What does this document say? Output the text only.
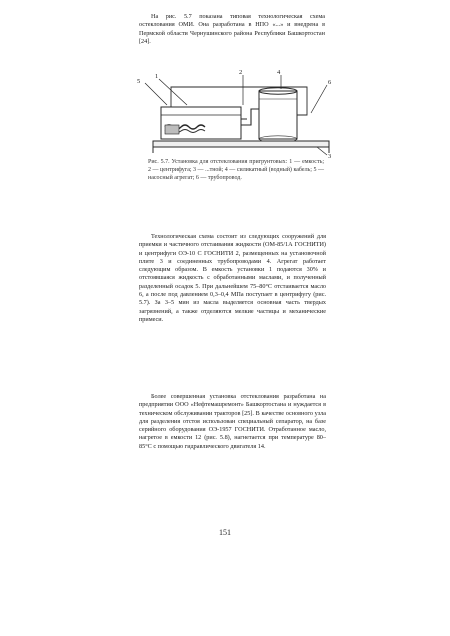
На рис. 5.7 показана типовая технологическая схема остеклования ОМИ. Она разработана в НПО «...» и внедрена в Пермской области Чернушинского района Республики Башкортостан [24].
5
1
2	4
6
3
Рис. 5.7. Установка для отстеклования пригрунтовых: 1 — емкость; 2 — центрифуга; 3 — ...тной; 4 — силикатный (водный) кабель; 5 — насосный агрегат; 6 — трубопровод.
Технологическая схема состоит из следующих сооружений для приемки и частичного отстаивания жидкости (ОМ-85/1А ГОСНИТИ) и центрифуги ОЭ-10 С ГОСНИТИ 2, размещенных на установочной плите 3 и соединенных трубопроводами 4. Агрегат работает следующим образом. В емкость установки 1 подаются 30% и отстоявшаяся жидкость с обработанными маслами, и полученный разделенный осадок 5. При дальнейшем 75–80°С отстаивается масло 6, а после под давлением 0,3–0,4 МПа поступает в центрифугу (рис. 5.7). За 3–5 мин из масла выделяется основная часть твердых загрязнений, а также отделяются мелкие частицы и механические примеси.
Более совершенная установка отстеклования разработана на предприятии ООО «Нефтемашремонт» Башкортостана и нуждается в техническом обслуживании тракторов [25]. В качестве основного узла для разделения отстоя использован специальный сепаратор, на базе серийного оборудования ОЭ-1957 ГОСНИТИ. Отработанное масло, нагретое в емкости 12 (рис. 5.8), нагнетается при температуре 80–85°С с помощью гидравлического двигателя 14.
151
